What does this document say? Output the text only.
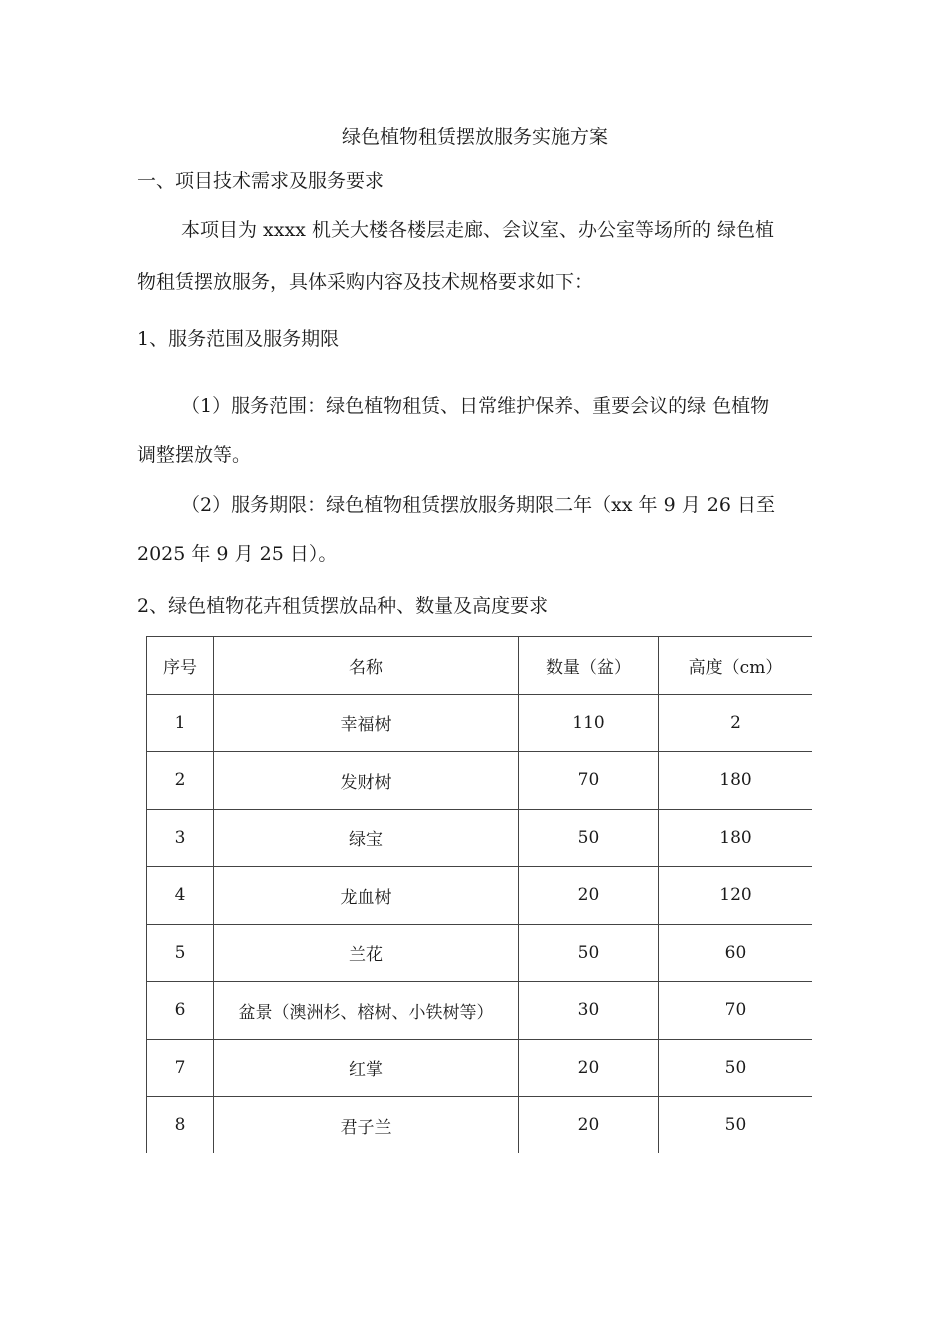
绿色植物租赁摆放服务实施方案
一、项目技术需求及服务要求
本项目为 xxxx 机关大楼各楼层走廊、会议室、办公室等场所的 绿色植
物租赁摆放服务，具体采购内容及技术规格要求如下：
1、服务范围及服务期限
（1）服务范围：绿色植物租赁、日常维护保养、重要会议的绿 色植物
调整摆放等。
（2）服务期限：绿色植物租赁摆放服务期限二年（xx 年 9 月 26 日至
2025 年 9 月 25 日）。
2、绿色植物花卉租赁摆放品种、数量及高度要求
序号	名称	数量（盆）	高度（cm）
1	幸福树	110	2
2	发财树	70	180
3	绿宝	50	180
4	龙血树	20	120
5	兰花	50	60
6	盆景（澳洲杉、榕树、小铁树等）	30	70
7	红掌	20	50
8	君子兰	20	50
